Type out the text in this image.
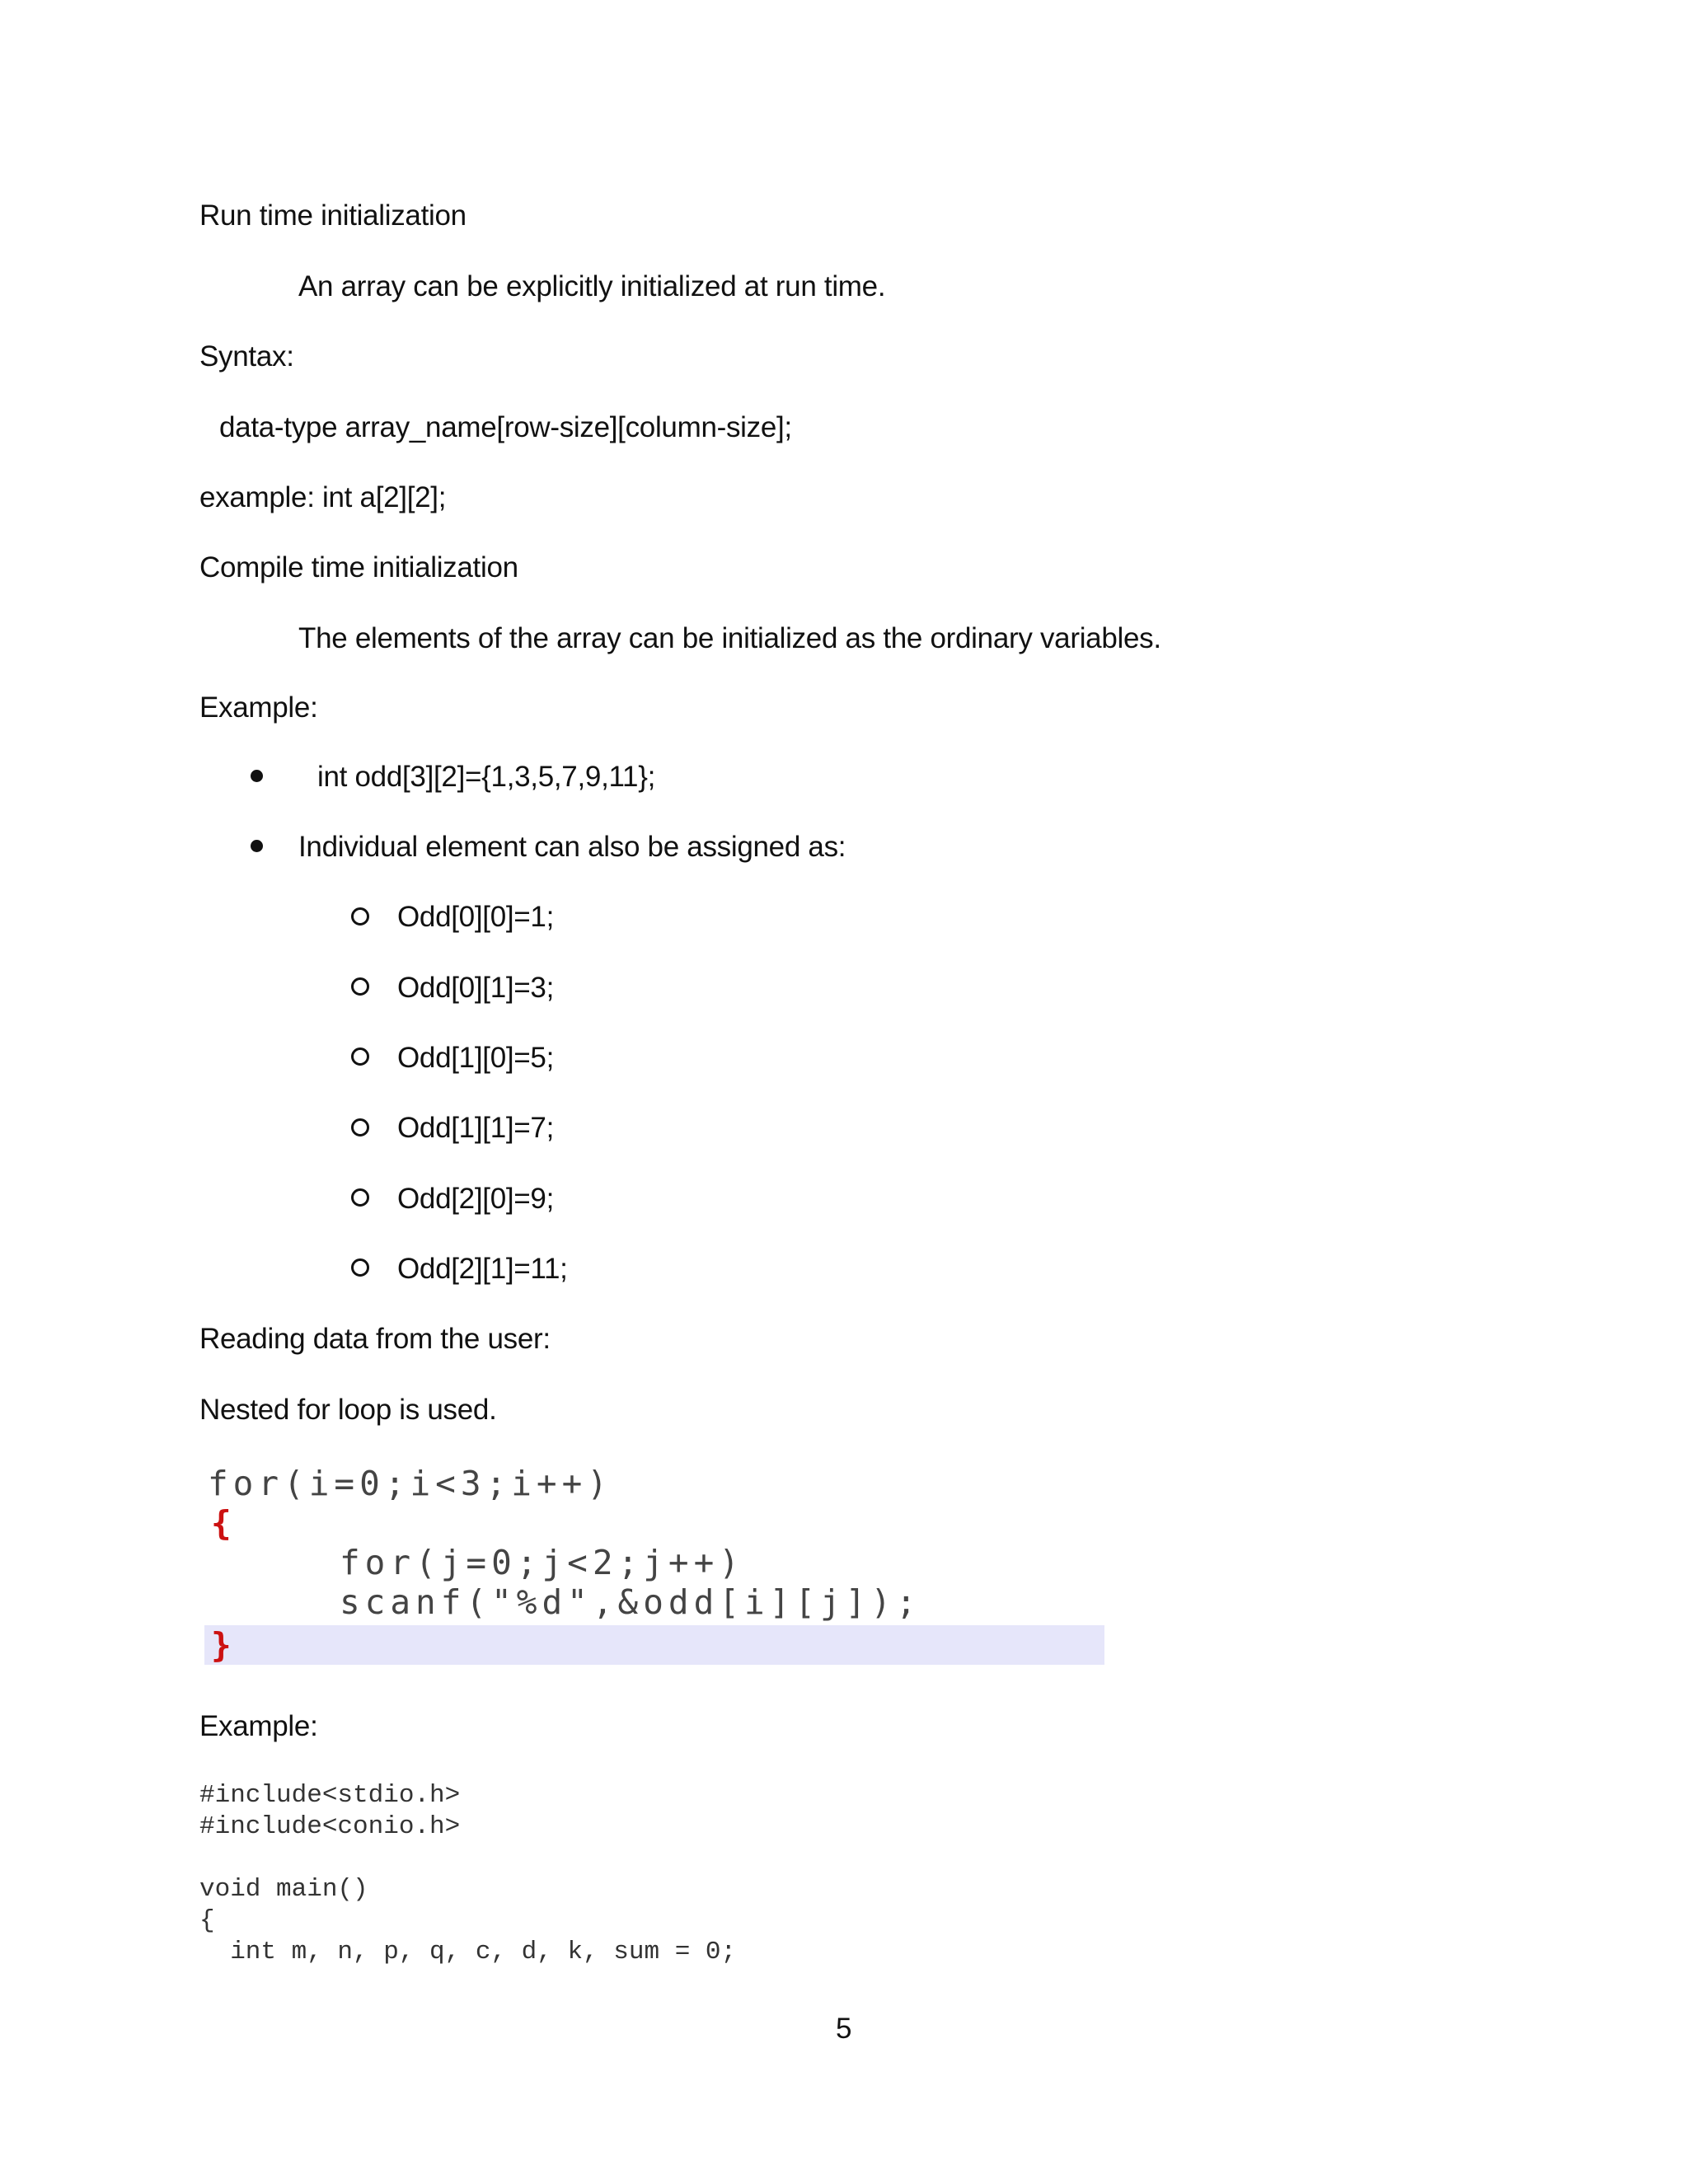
Run time initialization
An array can be explicitly initialized at run time.
Syntax:
data-type array_name[row-size][column-size];
example: int a[2][2];
Compile time initialization
The elements of the array can be initialized as the ordinary variables.
Example:
int odd[3][2]={1,3,5,7,9,11};
Individual element can also be assigned as:
Odd[0][0]=1;
Odd[0][1]=3;
Odd[1][0]=5;
Odd[1][1]=7;
Odd[2][0]=9;
Odd[2][1]=11;
Reading data from the user:
Nested for loop is used.
for(i=0;i<3;i++)
{
for(j=0;j<2;j++)
scanf("%d",&odd[i][j]);
}
Example:
#include<stdio.h>
#include<conio.h>
void main()
{
int m, n, p, q, c, d, k, sum = 0;
5
